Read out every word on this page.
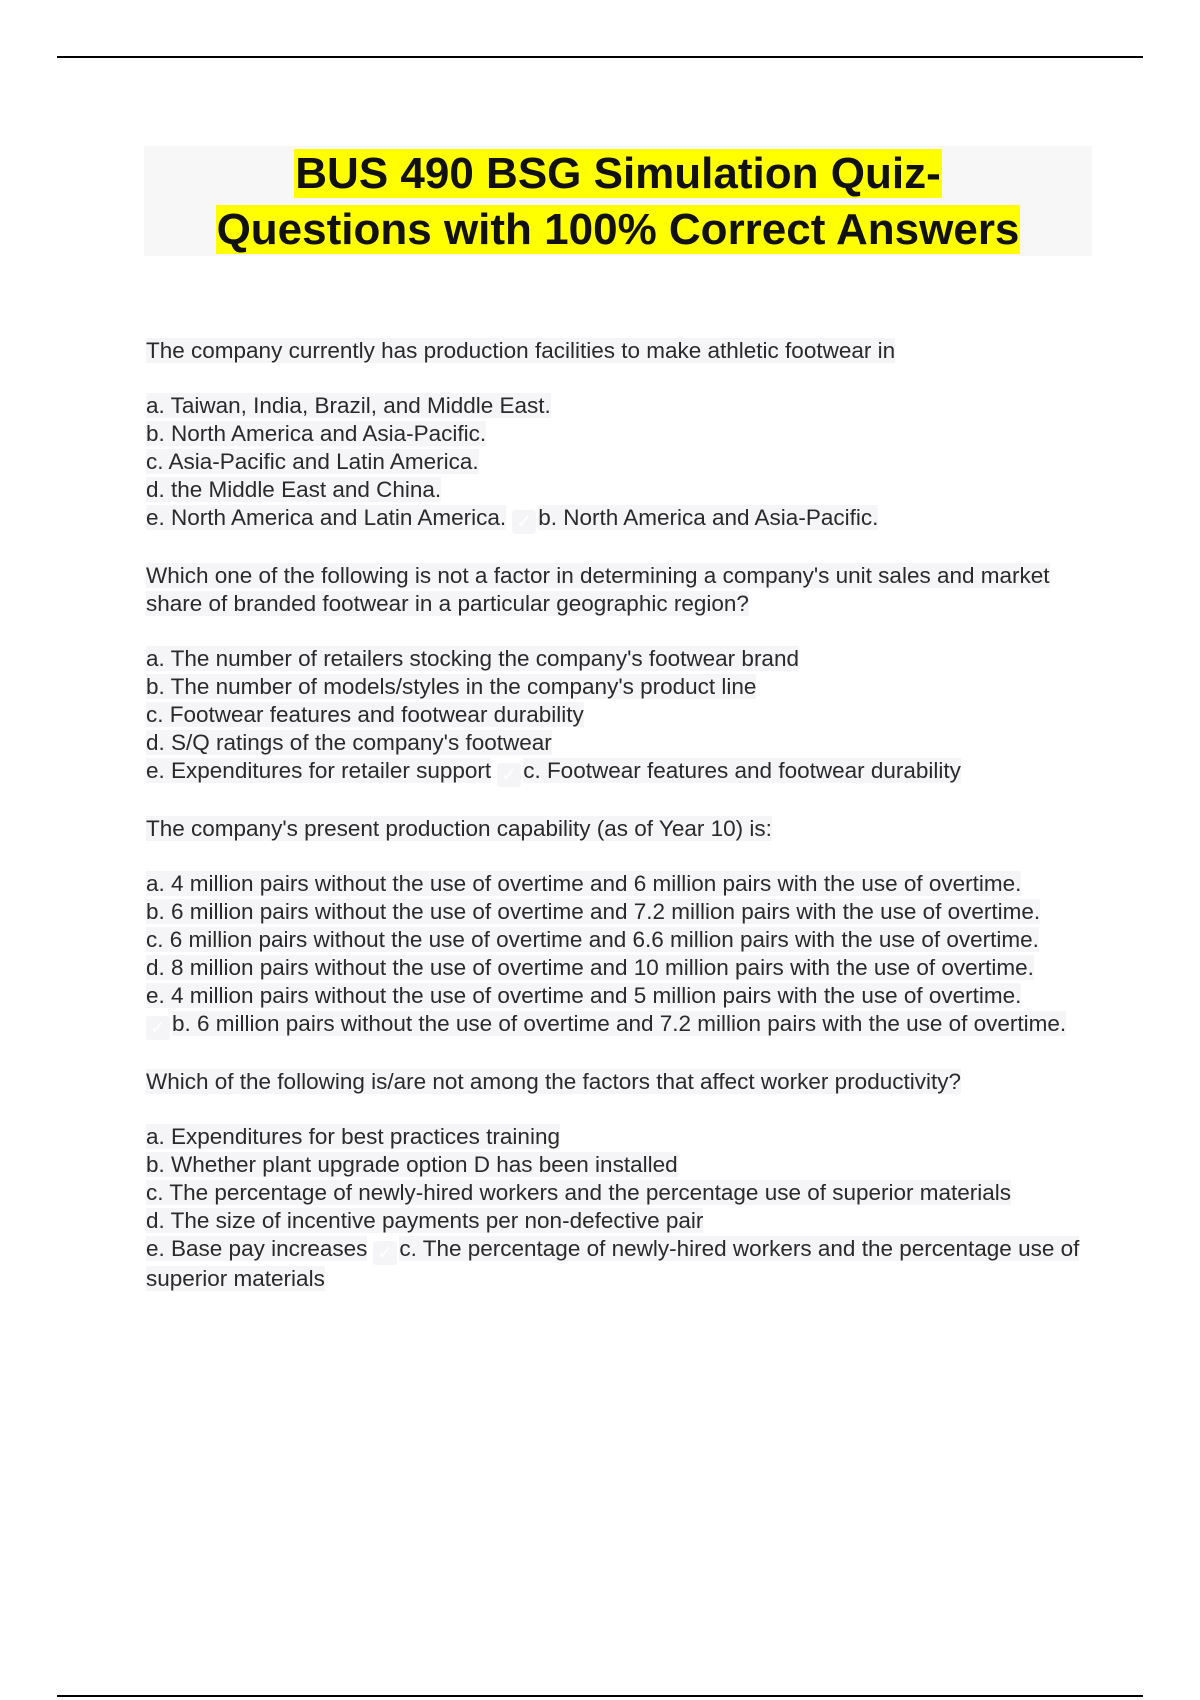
BUS 490 BSG Simulation Quiz-
Questions with 100% Correct Answers

The company currently has production facilities to make athletic footwear in

a. Taiwan, India, Brazil, and Middle East.
b. North America and Asia-Pacific.
c. Asia-Pacific and Latin America.
d. the Middle East and China.
e. North America and Latin America. ✓ b. North America and Asia-Pacific.

Which one of the following is not a factor in determining a company's unit sales and market share of branded footwear in a particular geographic region?

a. The number of retailers stocking the company's footwear brand
b. The number of models/styles in the company's product line
c. Footwear features and footwear durability
d. S/Q ratings of the company's footwear
e. Expenditures for retailer support ✓ c. Footwear features and footwear durability

The company's present production capability (as of Year 10) is:

a. 4 million pairs without the use of overtime and 6 million pairs with the use of overtime.
b. 6 million pairs without the use of overtime and 7.2 million pairs with the use of overtime.
c. 6 million pairs without the use of overtime and 6.6 million pairs with the use of overtime.
d. 8 million pairs without the use of overtime and 10 million pairs with the use of overtime.
e. 4 million pairs without the use of overtime and 5 million pairs with the use of overtime.
✓ b. 6 million pairs without the use of overtime and 7.2 million pairs with the use of overtime.

Which of the following is/are not among the factors that affect worker productivity?

a. Expenditures for best practices training
b. Whether plant upgrade option D has been installed
c. The percentage of newly-hired workers and the percentage use of superior materials
d. The size of incentive payments per non-defective pair
e. Base pay increases ✓ c. The percentage of newly-hired workers and the percentage use of superior materials
